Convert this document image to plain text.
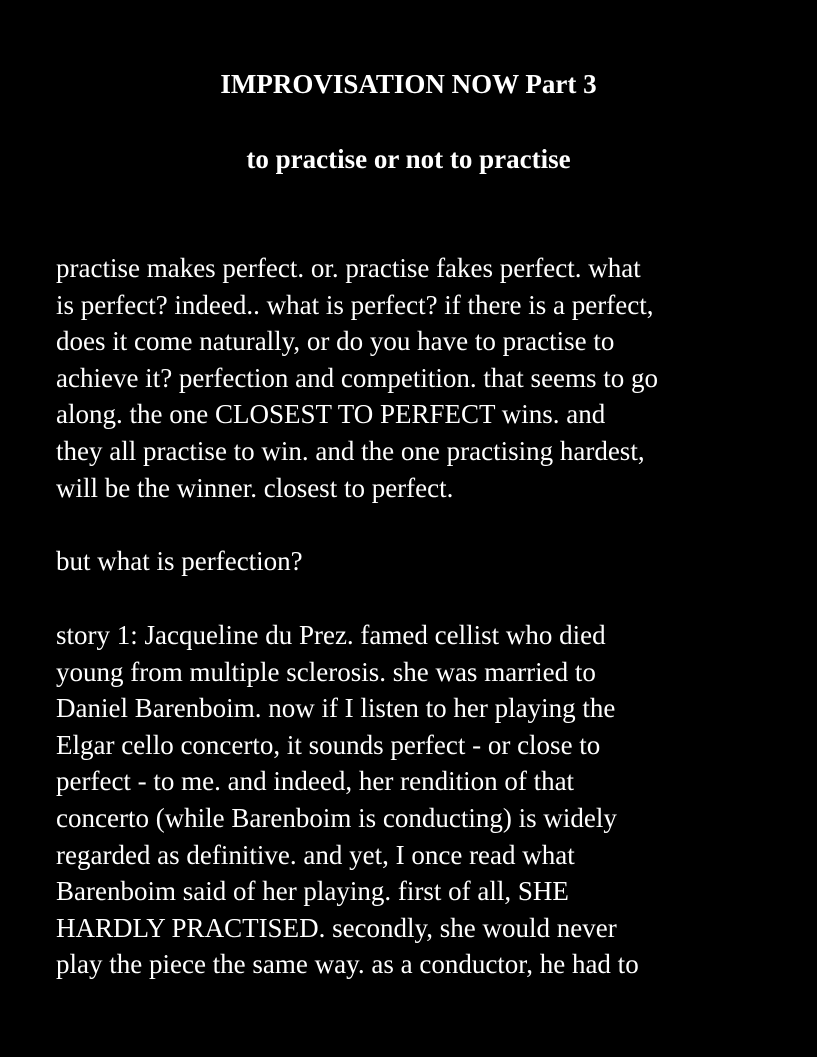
IMPROVISATION NOW Part 3
to practise or not to practise

practise makes perfect. or. practise fakes perfect. what
is perfect? indeed.. what is perfect? if there is a perfect,
does it come naturally, or do you have to practise to
achieve it? perfection and competition. that seems to go
along. the one CLOSEST TO PERFECT wins. and
they all practise to win. and the one practising hardest,
will be the winner. closest to perfect.

but what is perfection?

story 1: Jacqueline du Prez. famed cellist who died
young from multiple sclerosis. she was married to
Daniel Barenboim. now if I listen to her playing the
Elgar cello concerto, it sounds perfect - or close to
perfect - to me. and indeed, her rendition of that
concerto (while Barenboim is conducting) is widely
regarded as definitive. and yet, I once read what
Barenboim said of her playing. first of all, SHE
HARDLY PRACTISED. secondly, she would never
play the piece the same way. as a conductor, he had to
